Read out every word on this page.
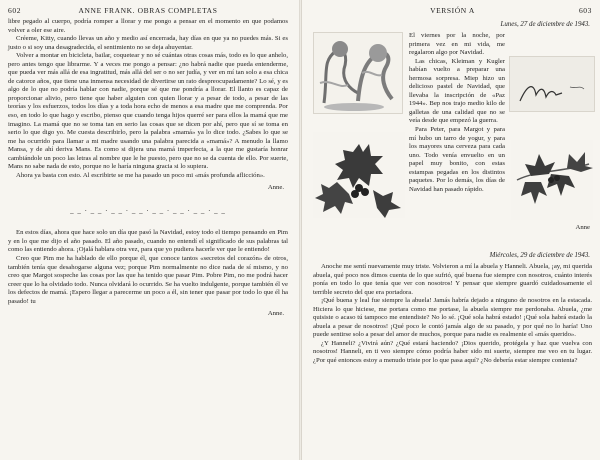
602	ANNE FRANK. OBRAS COMPLETAS

libre pegado al cuerpo, podría romper a llorar y me pongo a pensar en el momento en que podamos volver a oler ese aire.

Créeme, Kitty, cuando llevas un año y medio así encerrada, hay días en que ya no puedes más. Si es justo o si soy una desagradecida, el sentimiento no se deja ahuyentar.

Volver a montar en bicicleta, bailar, coquetear y no sé cuántas otras cosas más, todo es lo que anhelo, pero antes tengo que librarme. Y a veces me pongo a pensar: ¿no habrá nadie que pueda entenderme, que pueda ver más allá de esa ingratitud, más allá del ser o no ser judía, y ver en mí tan solo a esa chica de catorce años, que tiene una inmensa necesidad de divertirse un rato despreocupadamente? Lo sé, y es algo de lo que no podría hablar con nadie, porque sé que me pondría a llorar. El llanto es capaz de proporcionar alivio, pero tiene que haber alguien con quien llorar y a pesar de todo, a pesar de las teorías y los esfuerzos, todos los días y a toda hora echo de menos a esa madre que me comprenda. Por eso, en todo lo que hago y escribo, pienso que cuando tenga hijos querré ser para ellos la mamá que me imagino. La mamá que no se toma tan en serio las cosas que se dicen por ahí, pero que sí se toma en serio lo que digo yo. Me cuesta describirlo, pero la palabra «mamá» ya lo dice todo. ¿Sabes lo que se me ha ocurrido para llamar a mi madre usando una palabra parecida a «mamá»? A menudo la llamo Mansa, y de ahí deriva Mans. Es como si dijera una mamá imperfecta, a la que me gustaría honrar cambiándole un poco las letras al nombre que le he puesto, pero que no se da cuenta de ello. Por suerte, Mans no sabe nada de esto, porque no le haría ninguna gracia si lo supiera.

Ahora ya basta con esto. Al escribirte se me ha pasado un poco mi «más profunda aflicción».

Anne.
_ _ · _ _ · _ _ · _ _ · _ _ · _ _ · _ _ · _ _

En estos días, ahora que hace solo un día que pasó la Navidad, estoy todo el tiempo pensando en Pim y en lo que me dijo el año pasado. El año pasado, cuando no entendí el significado de sus palabras tal como las entiendo ahora. ¡Ojalá hablara otra vez, para que yo pudiera hacerle ver que le entiendo!

Creo que Pim me ha hablado de ello porque él, que conoce tantos «secretos del corazón» de otros, también tenía que desahogarse alguna vez; porque Pim normalmente no dice nada de sí mismo, y no creo que Margot sospeche las cosas por las que ha tenido que pasar Pim. Pobre Pim, no me podrá hacer creer que lo ha olvidado todo. Nunca olvidará lo ocurrido. Se ha vuelto indulgente, porque también él ve los defectos de mamá. ¡Espero llegar a parecerme un poco a él, sin tener que pasar por todo lo que él ha pasado! tu

Anne.
VERSIÓN A	603
Lunes, 27 de diciembre de 1943.

El viernes por la noche, por primera vez en mi vida, me regalaron algo por Navidad.

Las chicas, Kleiman y Kugler habían vuelto a preparar una hermosa sorpresa. Miep hizo un delicioso pastel de Navidad, que llevaba la inscripción de «Paz 1944». Bep nos trajo medio kilo de galletas de una calidad que no se veía desde que empezó la guerra.

Para Peter, para Margot y para mí hubo un tarro de yogur, y para los mayores una cerveza para cada uno. Todo venía envuelto en un papel muy bonito, con estas estampas pegadas en los distintos paquetes. Por lo demás, los días de Navidad han pasado rápido.

Anne
Miércoles, 29 de diciembre de 1943.

Anoche me sentí nuevamente muy triste. Volvieron a mí la abuela y Hanneli. Abuela, ¡ay, mi querida abuela, qué poco nos dimos cuenta de lo que sufrió, qué buena fue siempre con nosotros, cuánto interés ponía en todo lo que tenía que ver con nosotros! Y pensar que siempre guardó cuidadosamente el terrible secreto del que era portadora.

¡Qué buena y leal fue siempre la abuela! Jamás habría dejado a ninguno de nosotros en la estacada. Hiciera lo que hiciese, me portara como me portase, la abuela siempre me perdonaba. Abuela, ¿me quisiste o acaso tú tampoco me entendiste? No lo sé. ¡Qué sola habrá estado! ¡Qué sola habrá estado la abuela a pesar de nosotros! ¡Qué poco le contó jamás algo de su pasado, y por qué no lo haría! Uno puede sentirse solo a pesar del amor de muchos, porque para nadie es realmente el «más querido».

¿Y Hanneli? ¿Vivirá aún? ¿Qué estará haciendo? ¡Dios querido, protégela y haz que vuelva con nosotros! Hanneli, en ti veo siempre cómo podría haber sido mi suerte, siempre me veo en tu lugar. ¿Por qué entonces estoy a menudo triste por lo que pasa aquí? ¿No debería estar siempre contenta?
